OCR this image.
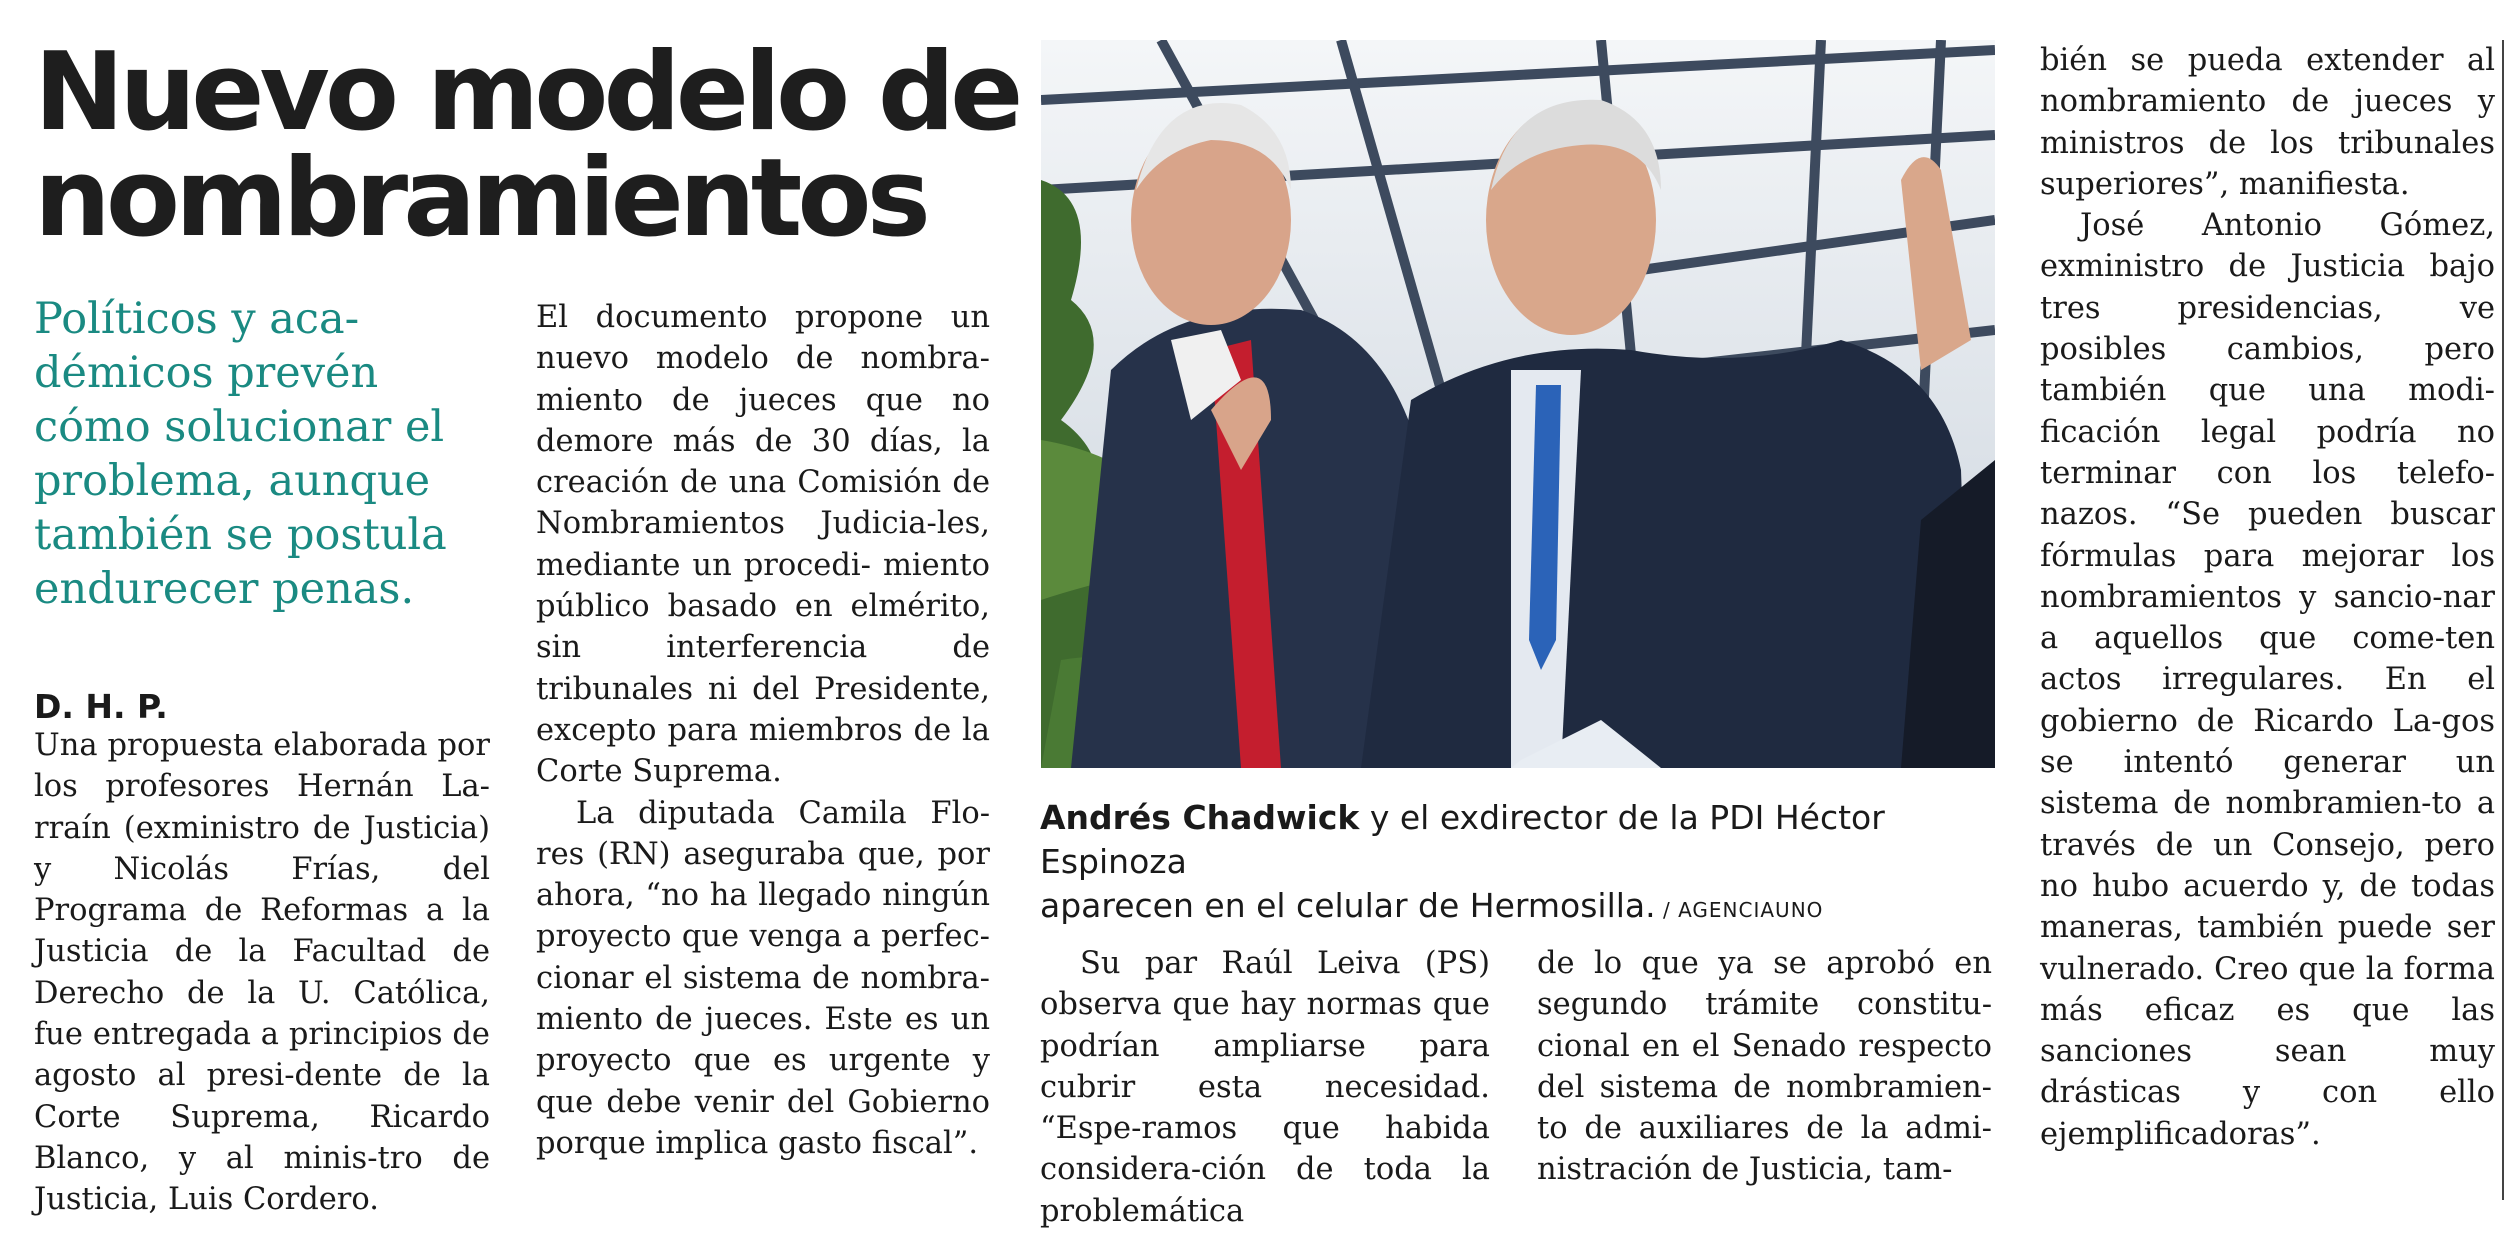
Nuevo modelo de
nombramientos

Políticos y aca-
démicos prevén
cómo solucionar el
problema, aunque
también se postula
endurecer penas.

D. H. P.

Una propuesta elaborada por los profesores Hernán La-rraín (exministro de Justicia) y Nicolás Frías, del Programa de Reformas a la Justicia de la Facultad de Derecho de la U. Católica, fue entregada a principios de agosto al presi-dente de la Corte Suprema, Ricardo Blanco, y al minis-tro de Justicia, Luis Cordero.

El documento propone un nuevo modelo de nombra-miento de jueces que no demore más de 30 días, la creación de una Comisión de Nombramientos Judicia-les, mediante un procedi- miento público basado en elmérito, sin interferencia de tribunales ni del Presidente, excepto para miembros de la Corte Suprema.

La diputada Camila Flo-res (RN) aseguraba que, por ahora, “no ha llegado ningún proyecto que venga a perfec-cionar el sistema de nombra-miento de jueces. Este es un proyecto que es urgente y que debe venir del Gobierno porque implica gasto fiscal”.

Andrés Chadwick y el exdirector de la PDI Héctor Espinoza
aparecen en el celular de Hermosilla. / AGENCIAUNO

Su par Raúl Leiva (PS) observa que hay normas que podrían ampliarse para cubrir esta necesidad. “Espe-ramos que habida considera-ción de toda la problemática

de lo que ya se aprobó en segundo trámite constitu-cional en el Senado respecto del sistema de nombramien-to de auxiliares de la admi-nistración de Justicia, tam-

bién se pueda extender al nombramiento de jueces y ministros de los tribunales superiores”, manifiesta.

José Antonio Gómez, exministro de Justicia bajo tres presidencias, ve posibles cambios, pero también que una modi-ficación legal podría no terminar con los telefo-nazos. “Se pueden buscar fórmulas para mejorar los nombramientos y sancio-nar a aquellos que come-ten actos irregulares. En el gobierno de Ricardo La-gos se intentó generar un sistema de nombramien-to a través de un Consejo, pero no hubo acuerdo y, de todas maneras, también puede ser vulnerado. Creo que la forma más eficaz es que las sanciones sean	muy drásticas y con ello ejemplificadoras”.
